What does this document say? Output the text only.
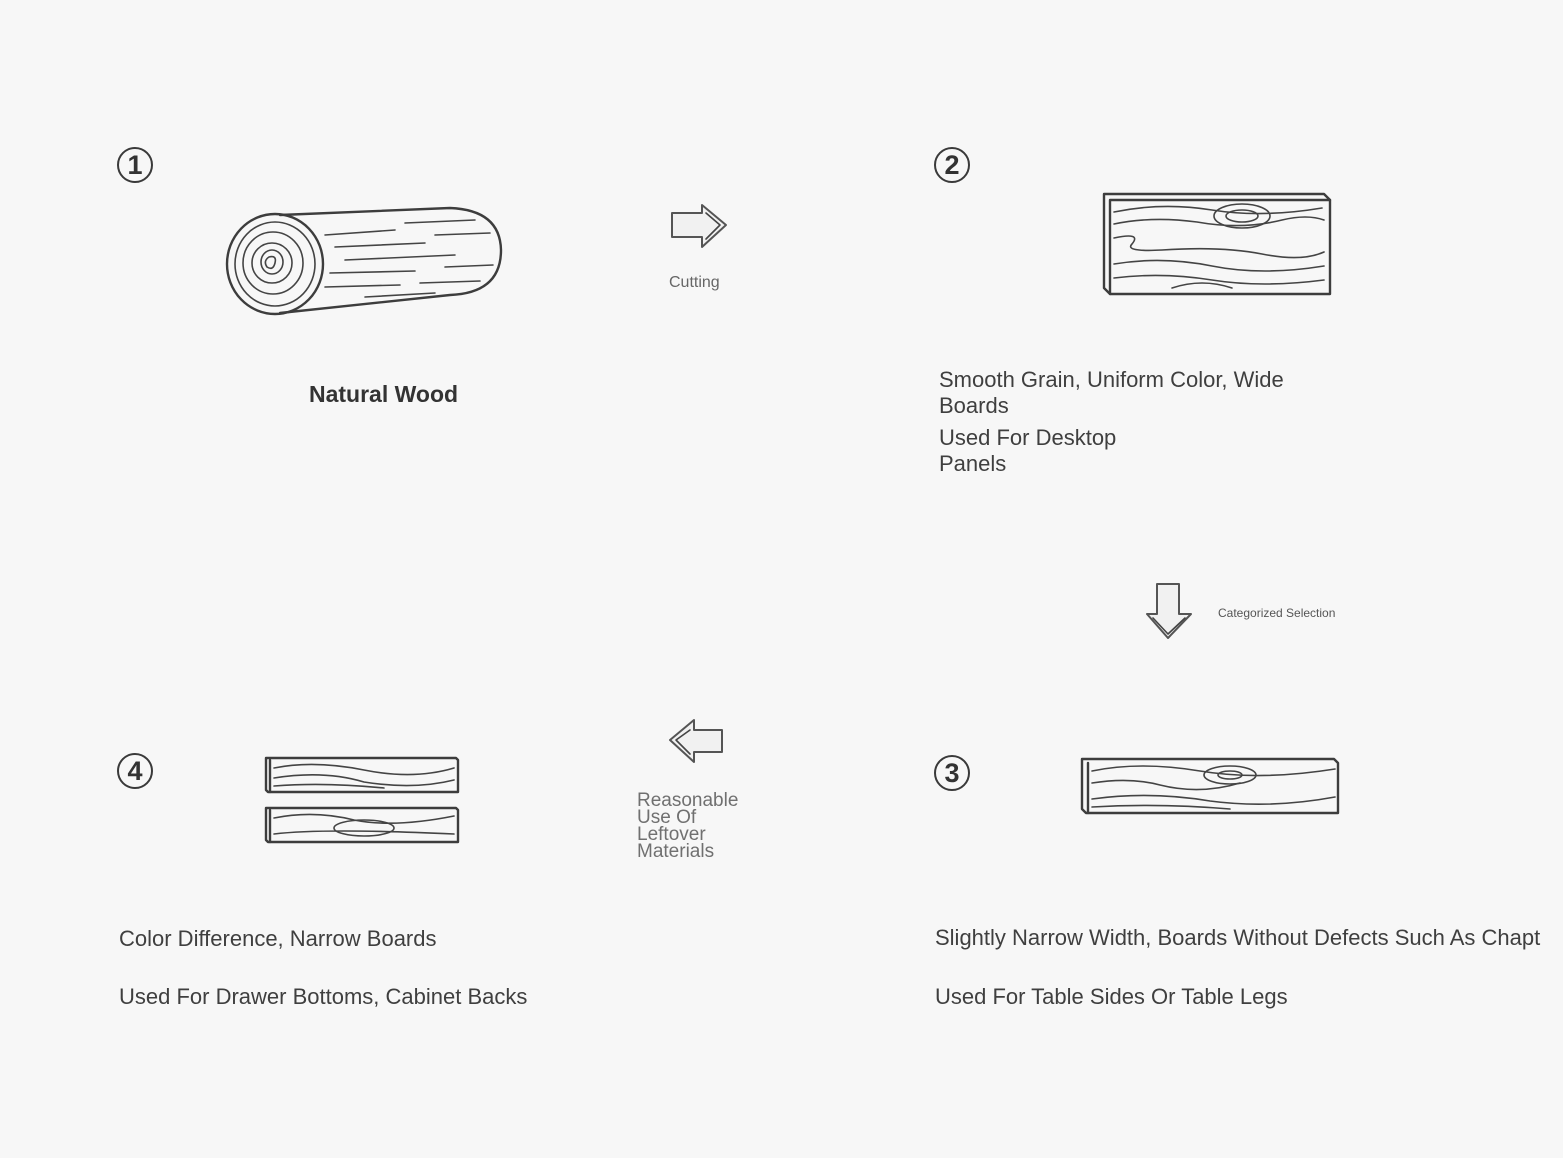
1
Natural Wood
Cutting
2
Smooth Grain, Uniform Color, Wide Boards
Used For Desktop Panels
Categorized Selection
4
Color Difference, Narrow Boards
Used For Drawer Bottoms, Cabinet Backs
Reasonable
Use Of
Leftover
Materials
3
Slightly Narrow Width, Boards Without Defects Such As Chapt
Used For Table Sides Or Table Legs
